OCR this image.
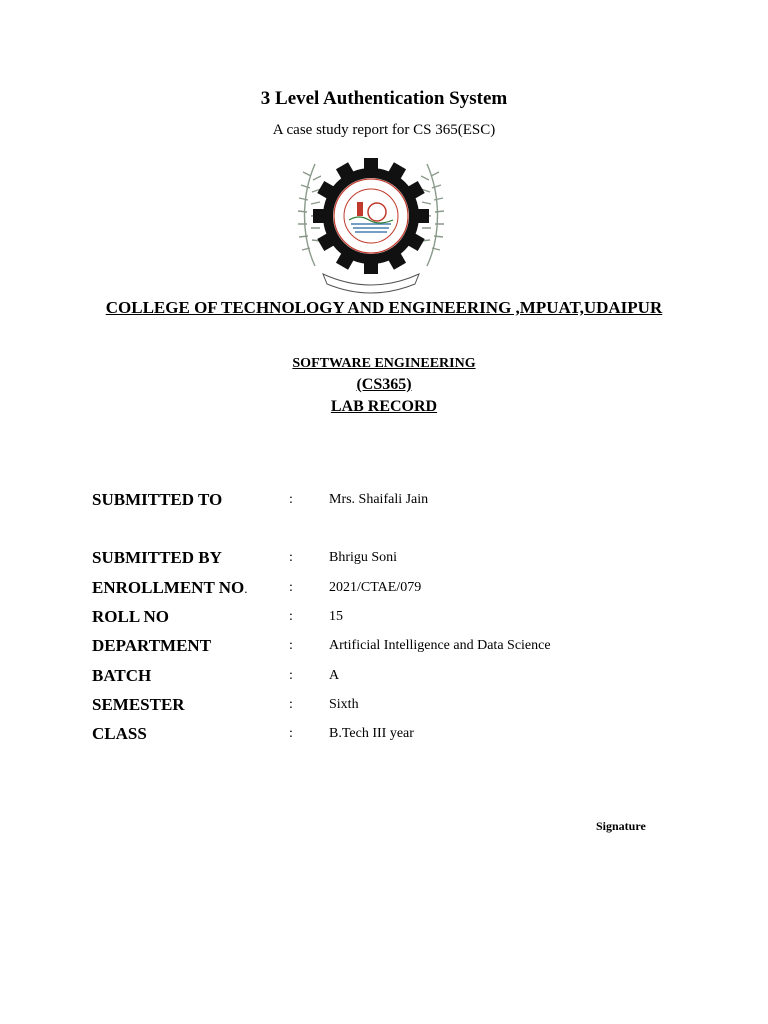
3 Level Authentication System
A case study report for CS 365(ESC)
COLLEGE OF TECHNOLOGY AND ENGINEERING ,MPUAT,UDAIPUR
SOFTWARE ENGINEERING
(CS365)
LAB RECORD
SUBMITTED TO	:	Mrs. Shaifali Jain
SUBMITTED BY	:	Bhrigu Soni
ENROLLMENT NO.	:	2021/CTAE/079
ROLL NO	:	15
DEPARTMENT	:	Artificial Intelligence and Data Science
BATCH	:	A
SEMESTER	:	Sixth
CLASS	:	B.Tech III year
Signature
